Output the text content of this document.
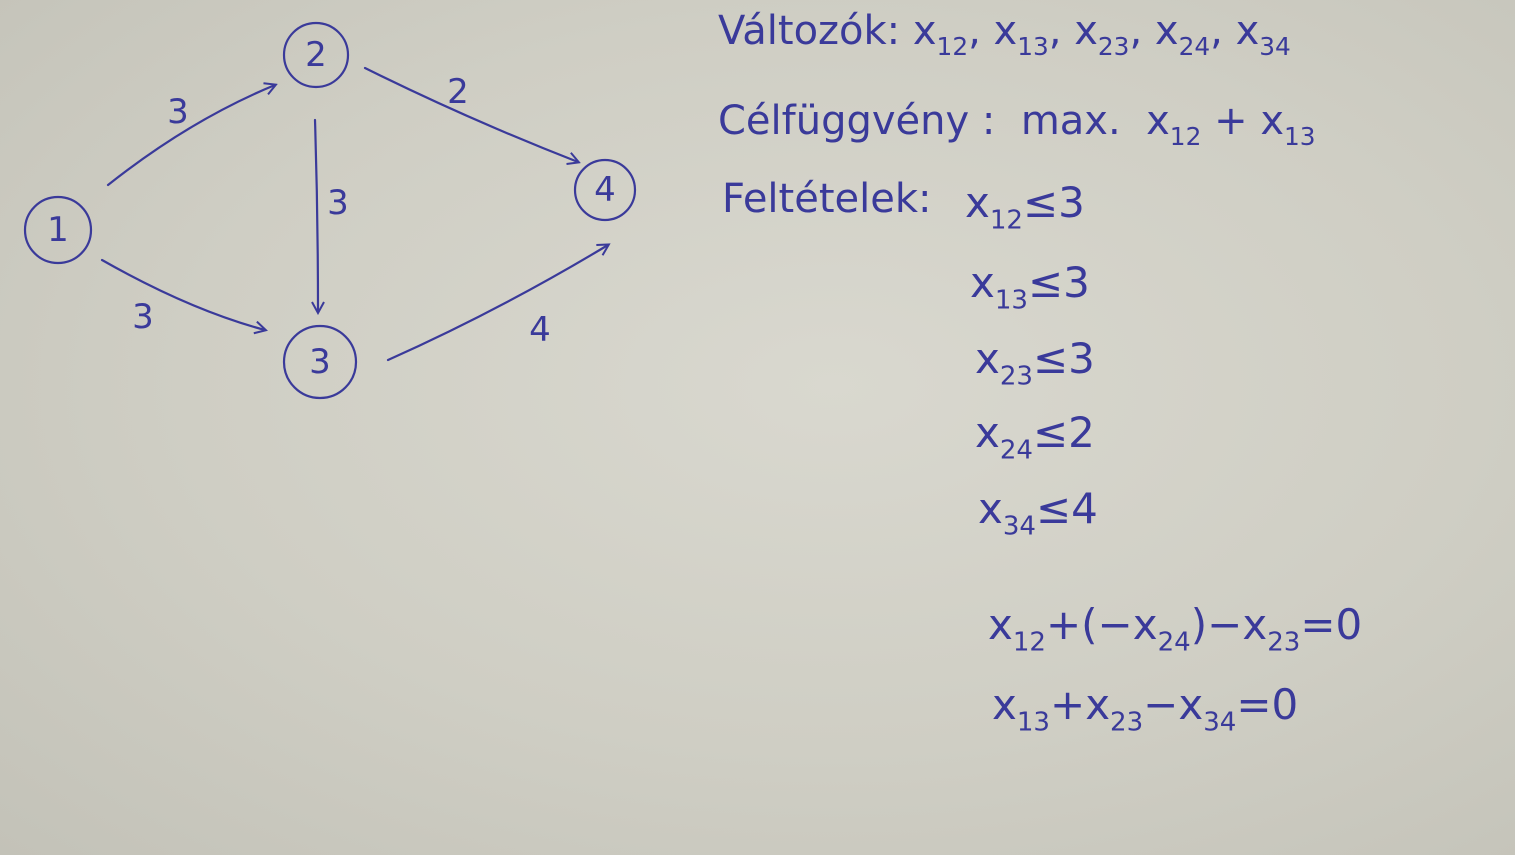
3
3
3
2
4
1
2
3
4
Változók: $x_{12}$, $x_{13}$, $x_{23}$, $x_{24}$, $x_{34}$
Célfüggvény : max. $x_{12} + x_{13}$
Feltételek: $x_{12}\le 3$
$x_{13}\le 3$
$x_{23}\le 3$
$x_{24}\le 2$
$x_{34}\le 4$
$x_{12}+(-x_{24})-x_{23}=0$
$x_{13}+x_{23}-x_{34}=0$
